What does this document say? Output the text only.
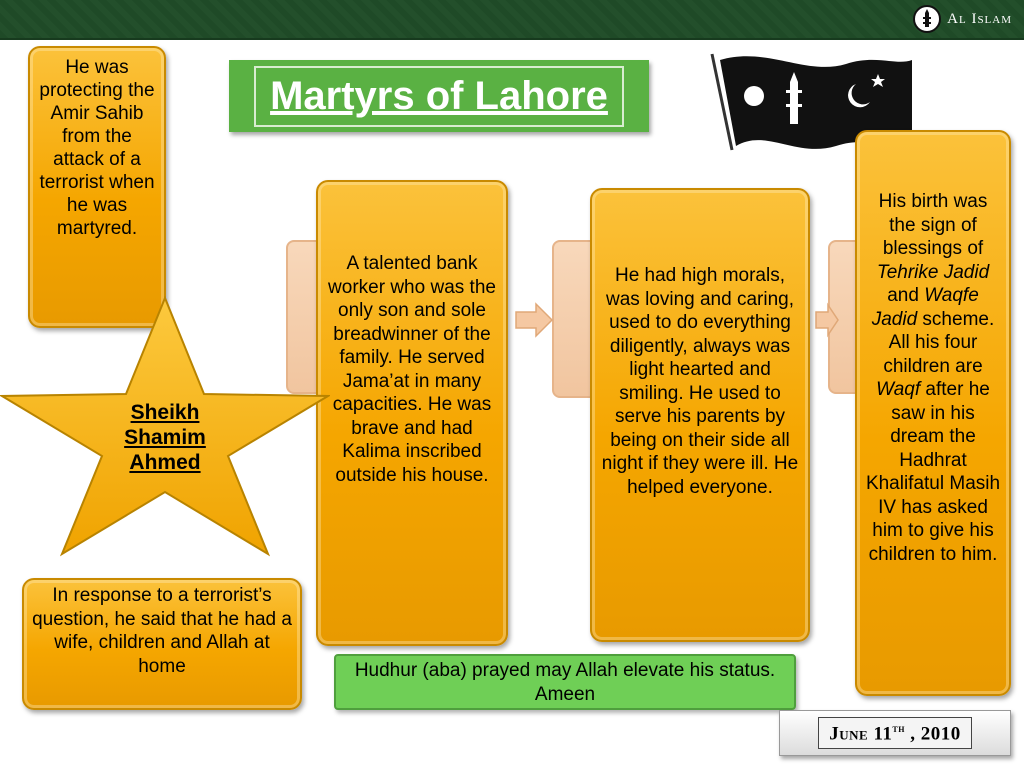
Al Islam
Martyrs of Lahore
He was protecting the Amir Sahib from the attack of a terrorist when he was martyred.
A talented bank worker who was the only son and sole breadwinner of the family. He served Jama’at in many capacities. He was brave and had Kalima inscribed outside his house.
He had high morals, was loving and caring, used to do everything diligently, always was light hearted and smiling. He used to serve his parents by being on their side all night if they were ill. He helped everyone.
His birth was the sign of blessings of Tehrike Jadid and Waqfe Jadid scheme. All his four children are Waqf after he saw in his dream the Hadhrat Khalifatul Masih IV has asked him to give his children to him.
Sheikh
Shamim
Ahmed
In response to a terrorist’s question, he said that he had a wife, children and Allah at home	Hudhur (aba) prayed may Allah elevate his status. Ameen
June 11th , 2010
